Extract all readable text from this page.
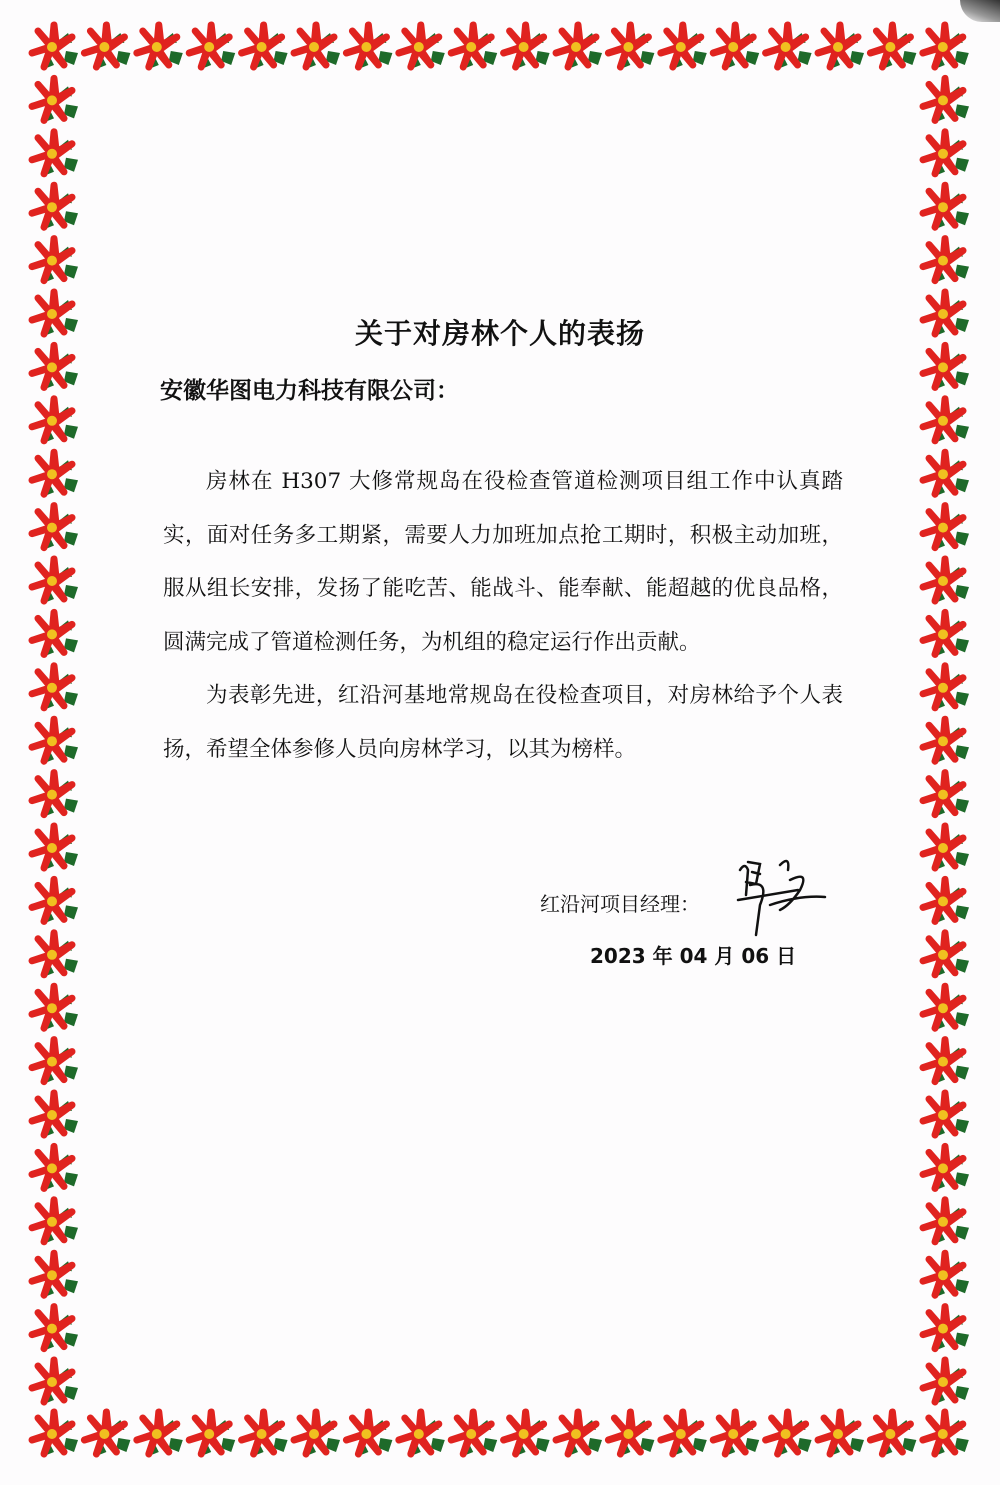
关于对房林个人的表扬
安徽华图电力科技有限公司：

房林在 H307 大修常规岛在役检查管道检测项目组工作中认真踏实，面对任务多工期紧，需要人力加班加点抢工期时，积极主动加班，服从组长安排，发扬了能吃苦、能战斗、能奉献、能超越的优良品格，圆满完成了管道检测任务，为机组的稳定运行作出贡献。

为表彰先进，红沿河基地常规岛在役检查项目，对房林给予个人表扬，希望全体参修人员向房林学习，以其为榜样。

红沿河项目经理：
2023 年 04 月 06 日
